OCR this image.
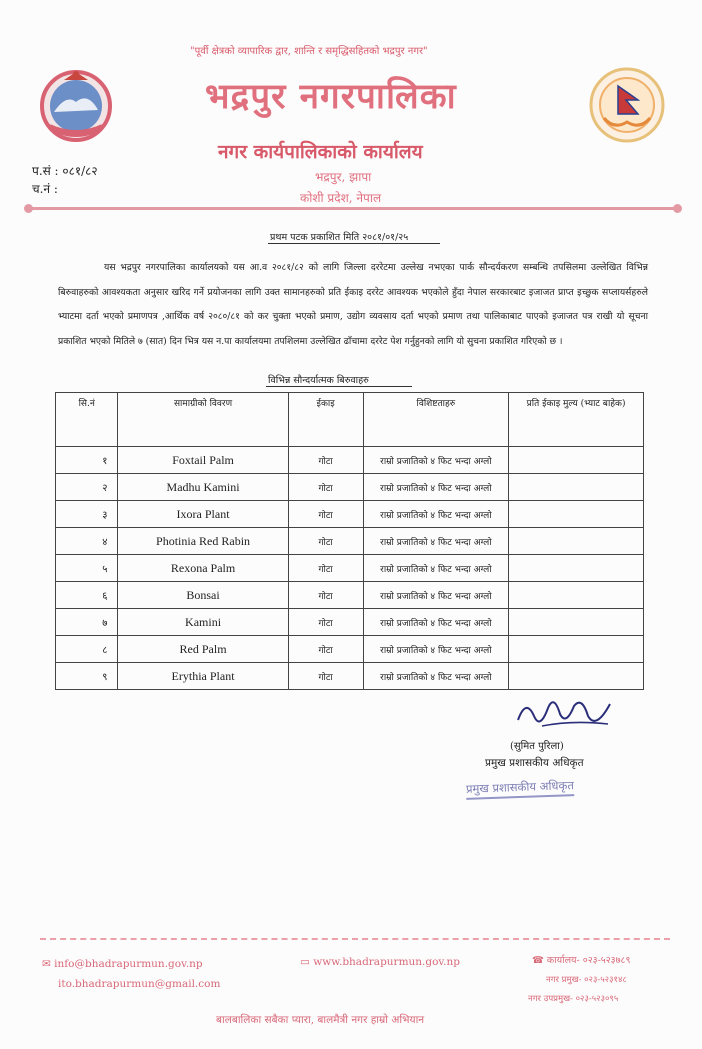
"पूर्वी क्षेत्रको व्यापारिक द्वार, शान्ति र समृद्धिसहितको भद्रपुर नगर"
भद्रपुर नगरपालिका
नगर कार्यपालिकाको कार्यालय
भद्रपुर, झापा
कोशी प्रदेश, नेपाल
प.सं : ०८१/८२
च.नं :
प्रथम पटक प्रकाशित मिति २०८१/०१/२५
यस भद्रपुर नगरपालिका कार्यालयको यस आ.व २०८१/८२ को लागि जिल्ला दररेटमा उल्लेख नभएका पार्क सौन्दर्यकरण सम्बन्धि तपसिलमा उल्लेखित विभिन्न बिरुवाहरुको आवश्यकता अनुसार खरिद गर्ने प्रयोजनका लागि उक्त सामानहरुको प्रति ईकाइ दररेट आवश्यक भएकोले हुँदा नेपाल सरकारबाट इजाजत प्राप्त इच्छुक सप्लायर्सहरुले भ्याटमा दर्ता भएको प्रमाणपत्र ,आर्थिक वर्ष २०८०/८१ को कर चुक्ता भएको प्रमाण, उद्योग व्यवसाय दर्ता भएको प्रमाण तथा पालिकाबाट पाएको इजाजत पत्र राखी यो सूचना प्रकाशित भएको मितिले ७ (सात) दिन भित्र यस न.पा कार्यालयमा तपशिलमा उल्लेखित ढाँचामा दररेट पेश गर्नुहुनको लागि यो सुचना प्रकाशित गरिएको छ ।
विभिन्न सौन्दर्यात्मक बिरुवाहरु
सि.नं	सामाग्रीको विवरण	ईकाइ	विशिष्टताहरु	प्रति ईकाइ मुल्य (भ्याट बाहेक)
१	Foxtail Palm	गोटा	राम्रो प्रजातिको ४ फिट भन्दा अग्लो	
२	Madhu Kamini	गोटा	राम्रो प्रजातिको ४ फिट भन्दा अग्लो	
३	Ixora Plant	गोटा	राम्रो प्रजातिको ४ फिट भन्दा अग्लो	
४	Photinia Red Rabin	गोटा	राम्रो प्रजातिको ४ फिट भन्दा अग्लो	
५	Rexona Palm	गोटा	राम्रो प्रजातिको ४ फिट भन्दा अग्लो	
६	Bonsai	गोटा	राम्रो प्रजातिको ४ फिट भन्दा अग्लो	
७	Kamini	गोटा	राम्रो प्रजातिको ४ फिट भन्दा अग्लो	
८	Red Palm	गोटा	राम्रो प्रजातिको ४ फिट भन्दा अग्लो	
९	Erythia Plant	गोटा	राम्रो प्रजातिको ४ फिट भन्दा अग्लो	
(सुमित पुरिला)
प्रमुख प्रशासकीय अधिकृत
प्रमुख प्रशासकीय अधिकृत
✉ info@bhadrapurmun.gov.np
ito.bhadrapurmun@gmail.com
▭ www.bhadrapurmun.gov.np	☎ कार्यालय- ०२३-५२३७८९
नगर प्रमुख- ०२३-५२३१४८
नगर उपप्रमुख- ०२३-५२३०९५
बालबालिका सबैका प्यारा, बालमैत्री नगर हाम्रो अभियान
